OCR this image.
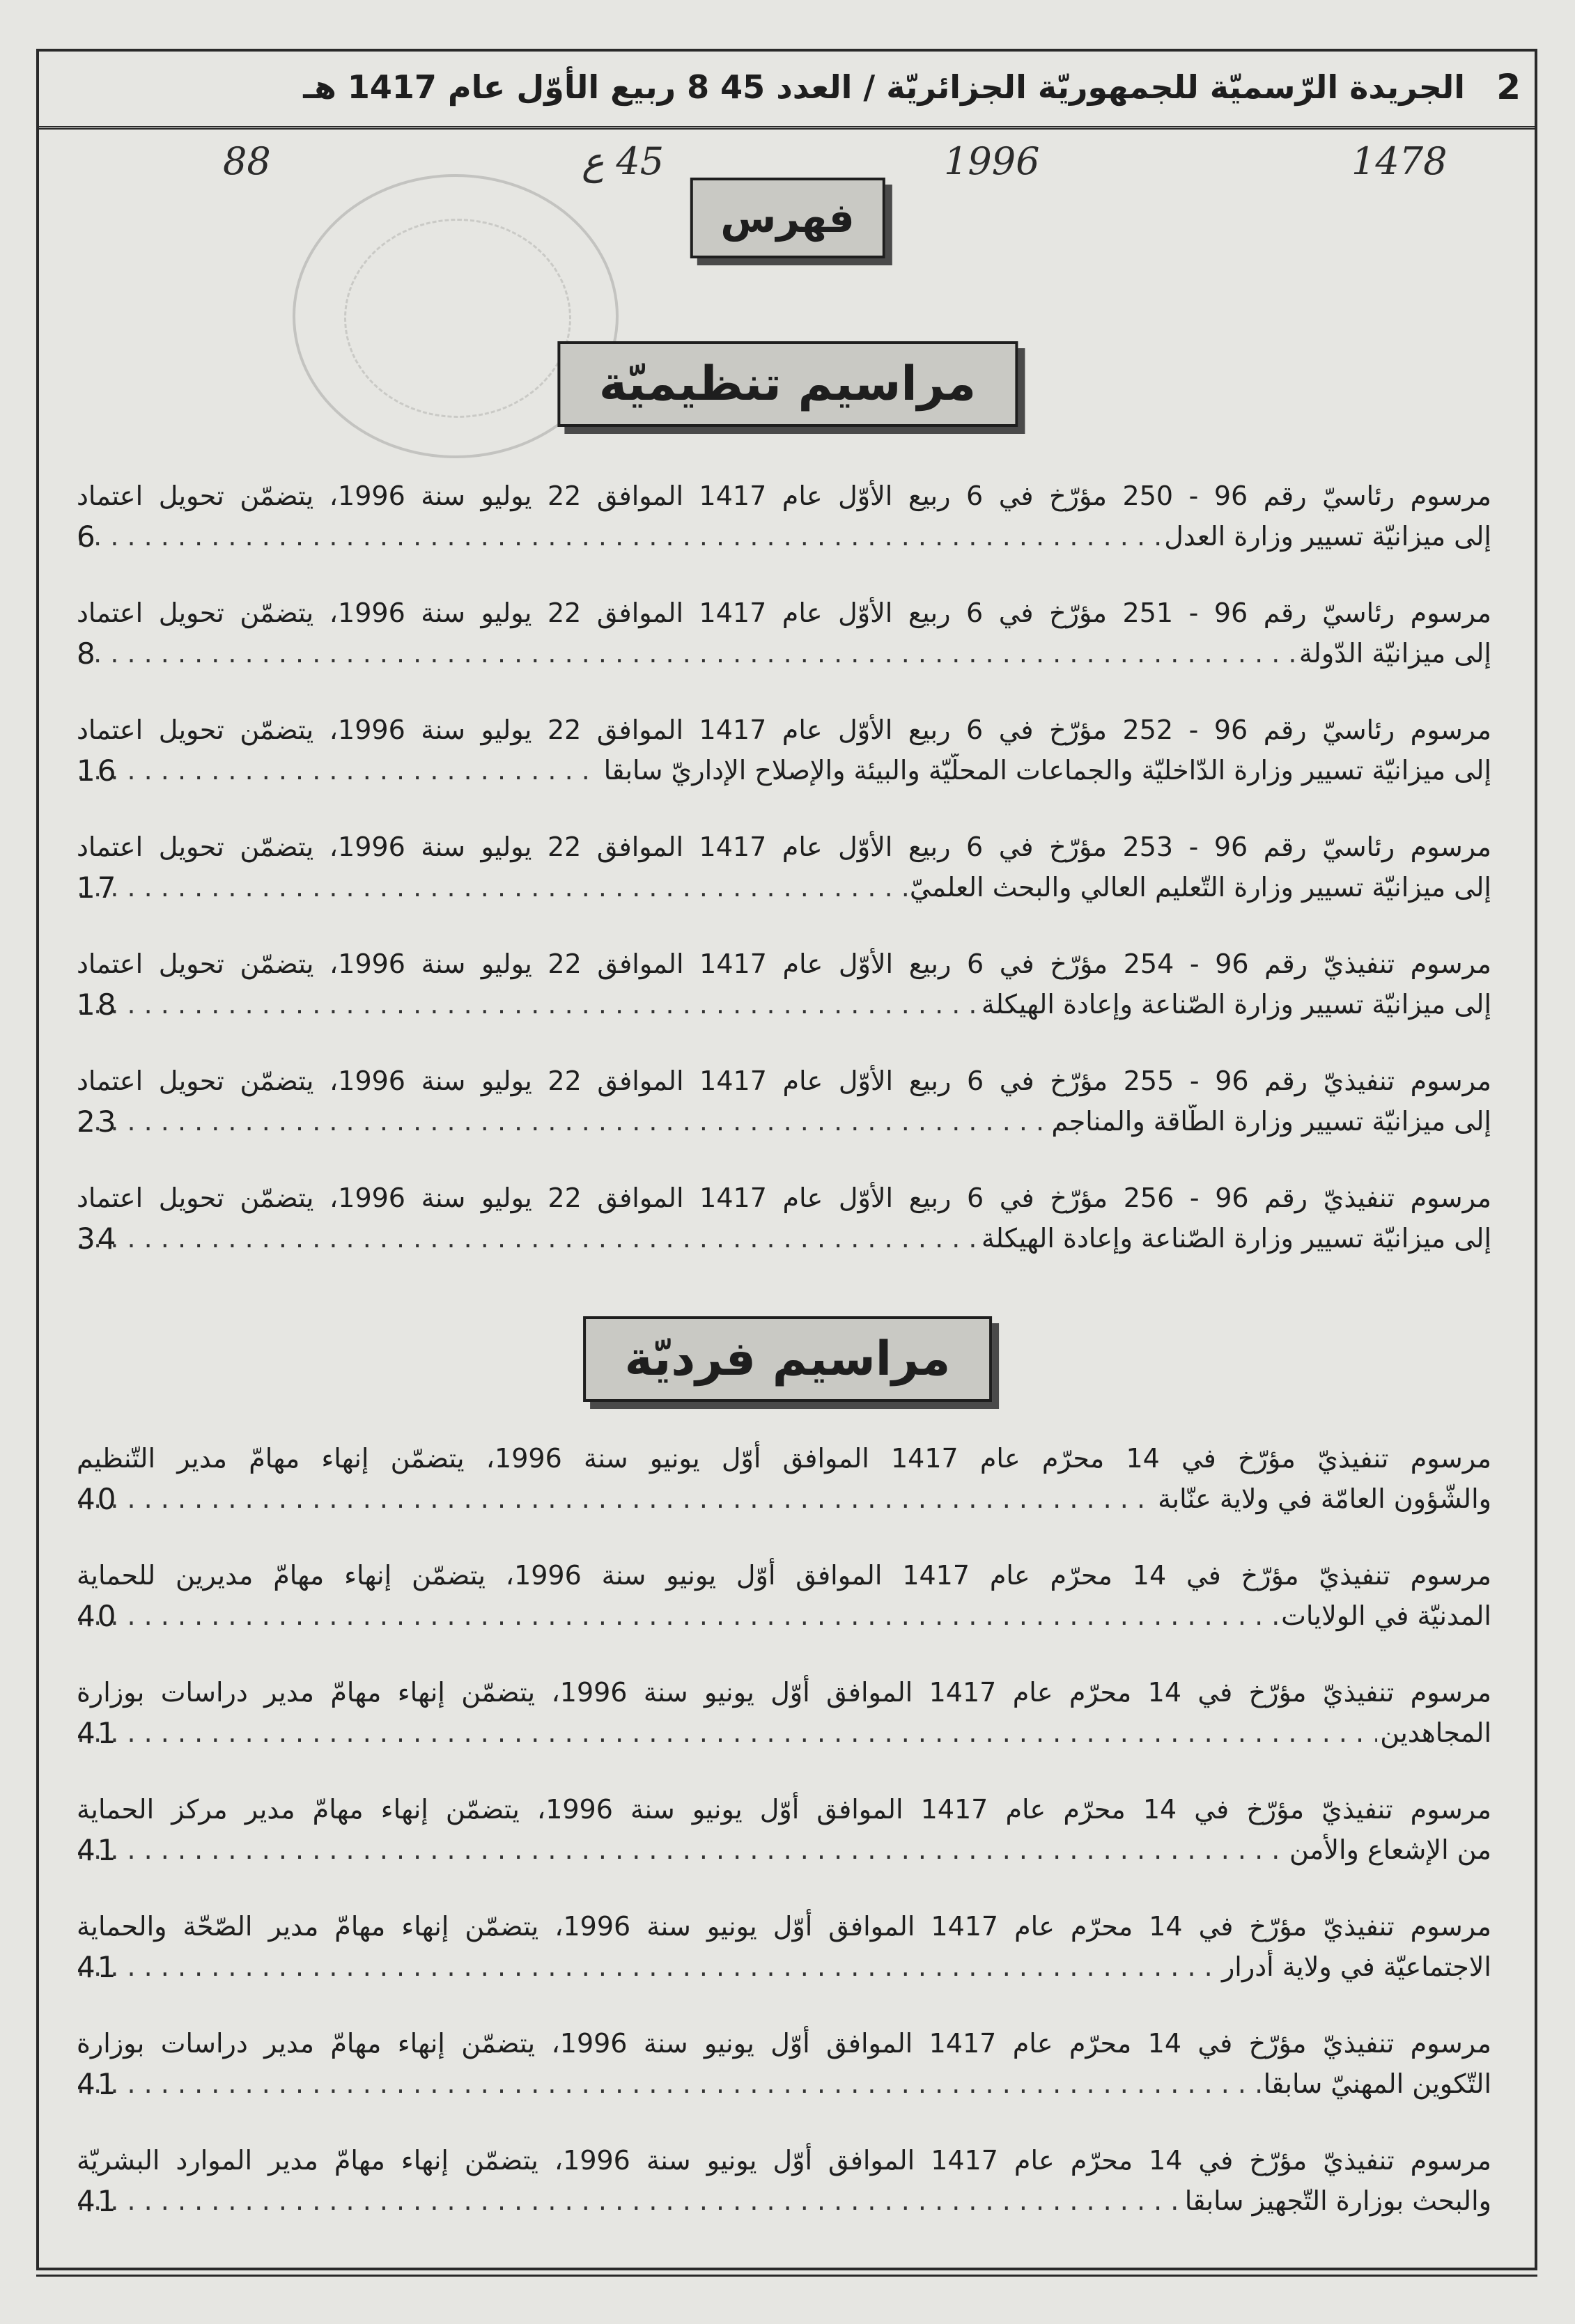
2
الجريدة الرّسميّة للجمهوريّة الجزائريّة / العدد 45 8 ربيع الأوّل عام 1417 هـ
1478
1996
45 ع
88
فهرس
مراسيم تنظيميّة
مرسوم رئاسيّ رقم 96 - 250 مؤرّخ في 6 ربيع الأوّل عام 1417 الموافق 22 يوليو سنة 1996، يتضمّن تحويل اعتماد
إلى ميزانيّة تسيير وزارة العدل . . .
6
مرسوم رئاسيّ رقم 96 - 251 مؤرّخ في 6 ربيع الأوّل عام 1417 الموافق 22 يوليو سنة 1996، يتضمّن تحويل اعتماد
إلى ميزانيّة الدّولة . . .
8
مرسوم رئاسيّ رقم 96 - 252 مؤرّخ في 6 ربيع الأوّل عام 1417 الموافق 22 يوليو سنة 1996، يتضمّن تحويل اعتماد
إلى ميزانيّة تسيير وزارة الدّاخليّة والجماعات المحلّيّة والبيئة والإصلاح الإداريّ سابقا . . .
16
مرسوم رئاسيّ رقم 96 - 253 مؤرّخ في 6 ربيع الأوّل عام 1417 الموافق 22 يوليو سنة 1996، يتضمّن تحويل اعتماد
إلى ميزانيّة تسيير وزارة التّعليم العالي والبحث العلميّ . . .
17
مرسوم تنفيذيّ رقم 96 - 254 مؤرّخ في 6 ربيع الأوّل عام 1417 الموافق 22 يوليو سنة 1996، يتضمّن تحويل اعتماد
إلى ميزانيّة تسيير وزارة الصّناعة وإعادة الهيكلة . . .
18
مرسوم تنفيذيّ رقم 96 - 255 مؤرّخ في 6 ربيع الأوّل عام 1417 الموافق 22 يوليو سنة 1996، يتضمّن تحويل اعتماد
إلى ميزانيّة تسيير وزارة الطّاقة والمناجم . . .
23
مرسوم تنفيذيّ رقم 96 - 256 مؤرّخ في 6 ربيع الأوّل عام 1417 الموافق 22 يوليو سنة 1996، يتضمّن تحويل اعتماد
إلى ميزانيّة تسيير وزارة الصّناعة وإعادة الهيكلة . . .
34
مراسيم فرديّة
مرسوم تنفيذيّ مؤرّخ في 14 محرّم عام 1417 الموافق أوّل يونيو سنة 1996، يتضمّن إنهاء مهامّ مدير التّنظيم
والشّؤون العامّة في ولاية عنّابة . . .
40
مرسوم تنفيذيّ مؤرّخ في 14 محرّم عام 1417 الموافق أوّل يونيو سنة 1996، يتضمّن إنهاء مهامّ مديرين للحماية
المدنيّة في الولايات . . .
40
مرسوم تنفيذيّ مؤرّخ في 14 محرّم عام 1417 الموافق أوّل يونيو سنة 1996، يتضمّن إنهاء مهامّ مدير دراسات بوزارة
المجاهدين . . .
41
مرسوم تنفيذيّ مؤرّخ في 14 محرّم عام 1417 الموافق أوّل يونيو سنة 1996، يتضمّن إنهاء مهامّ مدير مركز الحماية
من الإشعاع والأمن . . .
41
مرسوم تنفيذيّ مؤرّخ في 14 محرّم عام 1417 الموافق أوّل يونيو سنة 1996، يتضمّن إنهاء مهامّ مدير الصّحّة والحماية
الاجتماعيّة في ولاية أدرار . . .
41
مرسوم تنفيذيّ مؤرّخ في 14 محرّم عام 1417 الموافق أوّل يونيو سنة 1996، يتضمّن إنهاء مهامّ مدير دراسات بوزارة
التّكوين المهنيّ سابقا . . .
41
مرسوم تنفيذيّ مؤرّخ في 14 محرّم عام 1417 الموافق أوّل يونيو سنة 1996، يتضمّن إنهاء مهامّ مدير الموارد البشريّة
والبحث بوزارة التّجهيز سابقا . . .
41
